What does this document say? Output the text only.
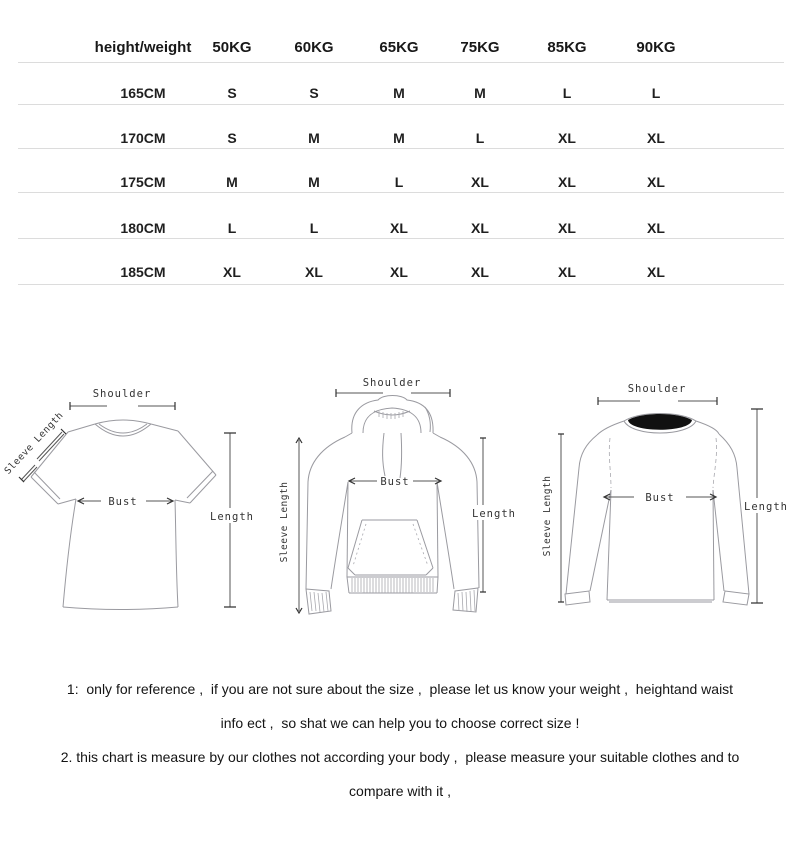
height/weight 50KG	60KG	65KG	75KG	85KG	90KG
165CM	S	S	M	M	L	L
170CM	S	M	M	L	XL	XL
175CM	M	M	L	XL	XL	XL
180CM	L	L	XL	XL	XL	XL
185CM	XL	XL	XL	XL	XL	XL
Shoulder
Sleeve Length
Bust
Length
Shoulder
Sleeve Length	Bust
Length
Shoulder
Sleeve Length	Bust
Length
1:  only for reference ,  if you are not sure about the size ,  please let us know your weight ,  heightand waist
info ect ,  so shat we can help you to choose correct size !
2. this chart is measure by our clothes not according your body ,  please measure your suitable clothes and to
compare with it ,
